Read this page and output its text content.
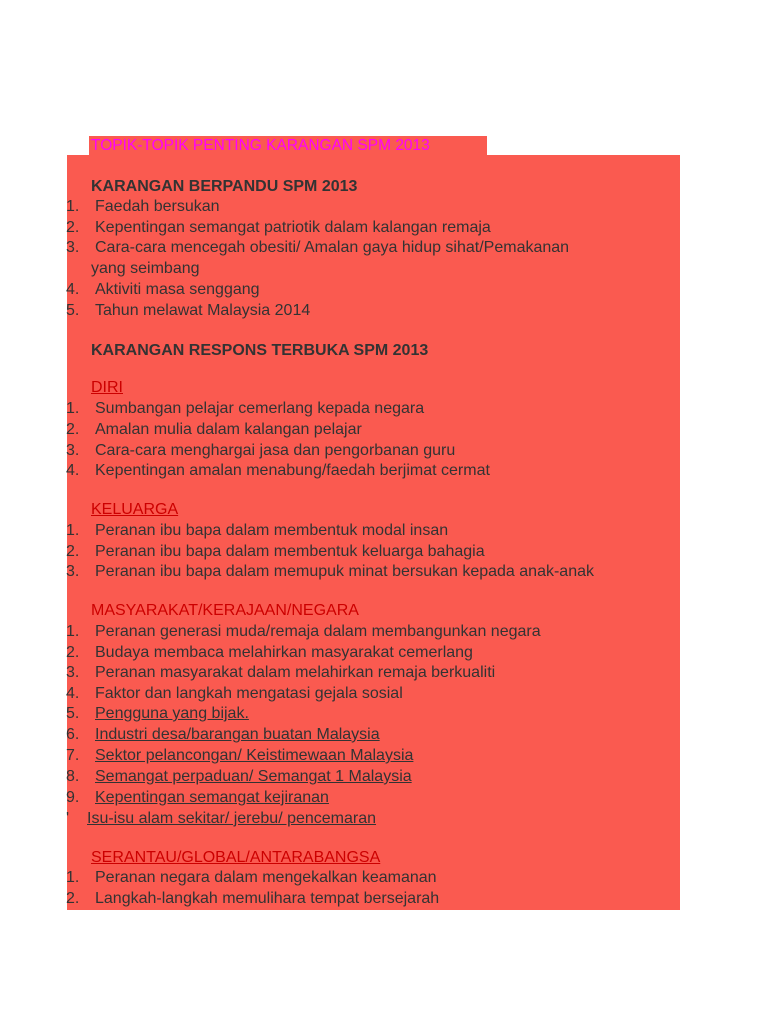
TOPIK-TOPIK PENTING KARANGAN SPM 2013
KARANGAN BERPANDU SPM 2013
1. Faedah bersukan
2. Kepentingan semangat patriotik dalam kalangan remaja
3. Cara-cara mencegah obesiti/ Amalan gaya hidup sihat/Pemakanan
yang seimbang
4. Aktiviti masa senggang
5. Tahun melawat Malaysia 2014
KARANGAN RESPONS TERBUKA SPM 2013
DIRI
1. Sumbangan pelajar cemerlang kepada negara
2. Amalan mulia dalam kalangan pelajar
3. Cara-cara menghargai jasa dan pengorbanan guru
4. Kepentingan amalan menabung/faedah berjimat cermat
KELUARGA
1. Peranan ibu bapa dalam membentuk modal insan
2. Peranan ibu bapa dalam membentuk keluarga bahagia
3. Peranan ibu bapa dalam memupuk minat bersukan kepada anak-anak
MASYARAKAT/KERAJAAN/NEGARA
1. Peranan generasi muda/remaja dalam membangunkan negara
2. Budaya membaca melahirkan masyarakat cemerlang
3. Peranan masyarakat dalam melahirkan remaja berkualiti
4. Faktor dan langkah mengatasi gejala sosial
5. Pengguna yang bijak.
6. Industri desa/barangan buatan Malaysia
7. Sektor pelancongan/ Keistimewaan Malaysia
8. Semangat perpaduan/ Semangat 1 Malaysia
9. Kepentingan semangat kejiranan
' Isu-isu alam sekitar/ jerebu/ pencemaran
SERANTAU/GLOBAL/ANTARABANGSA
1. Peranan negara dalam mengekalkan keamanan
2. Langkah-langkah memulihara tempat bersejarah
